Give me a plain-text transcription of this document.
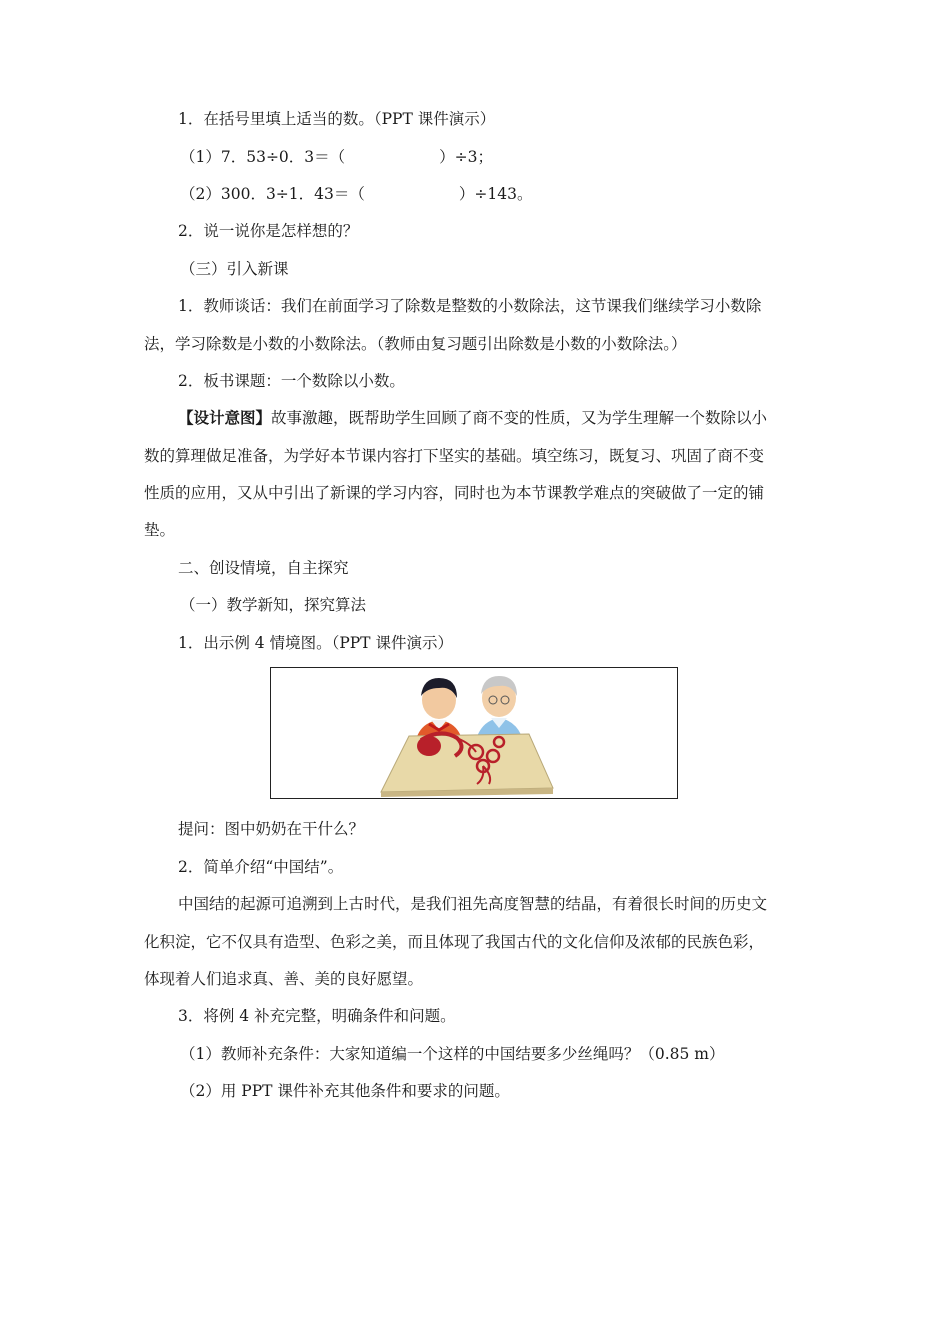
1．在括号里填上适当的数。（PPT 课件演示）
（1）7．53÷0．3＝（	）÷3；
（2）300．3÷1．43＝（	）÷143。
2．说一说你是怎样想的？
（三）引入新课
1．教师谈话：我们在前面学习了除数是整数的小数除法，这节课我们继续学习小数除
法，学习除数是小数的小数除法。（教师由复习题引出除数是小数的小数除法。）
2．板书课题：一个数除以小数。
【设计意图】故事激趣，既帮助学生回顾了商不变的性质，又为学生理解一个数除以小
数的算理做足准备，为学好本节课内容打下坚实的基础。填空练习，既复习、巩固了商不变
性质的应用，又从中引出了新课的学习内容，同时也为本节课教学难点的突破做了一定的铺
垫。
二、创设情境，自主探究
（一）教学新知，探究算法
1．出示例 4 情境图。（PPT 课件演示）
提问：图中奶奶在干什么？
2．简单介绍“中国结”。
中国结的起源可追溯到上古时代，是我们祖先高度智慧的结晶，有着很长时间的历史文
化积淀，它不仅具有造型、色彩之美，而且体现了我国古代的文化信仰及浓郁的民族色彩，
体现着人们追求真、善、美的良好愿望。
3．将例 4 补充完整，明确条件和问题。
（1）教师补充条件：大家知道编一个这样的中国结要多少丝绳吗？（0.85 m）
（2）用 PPT 课件补充其他条件和要求的问题。
